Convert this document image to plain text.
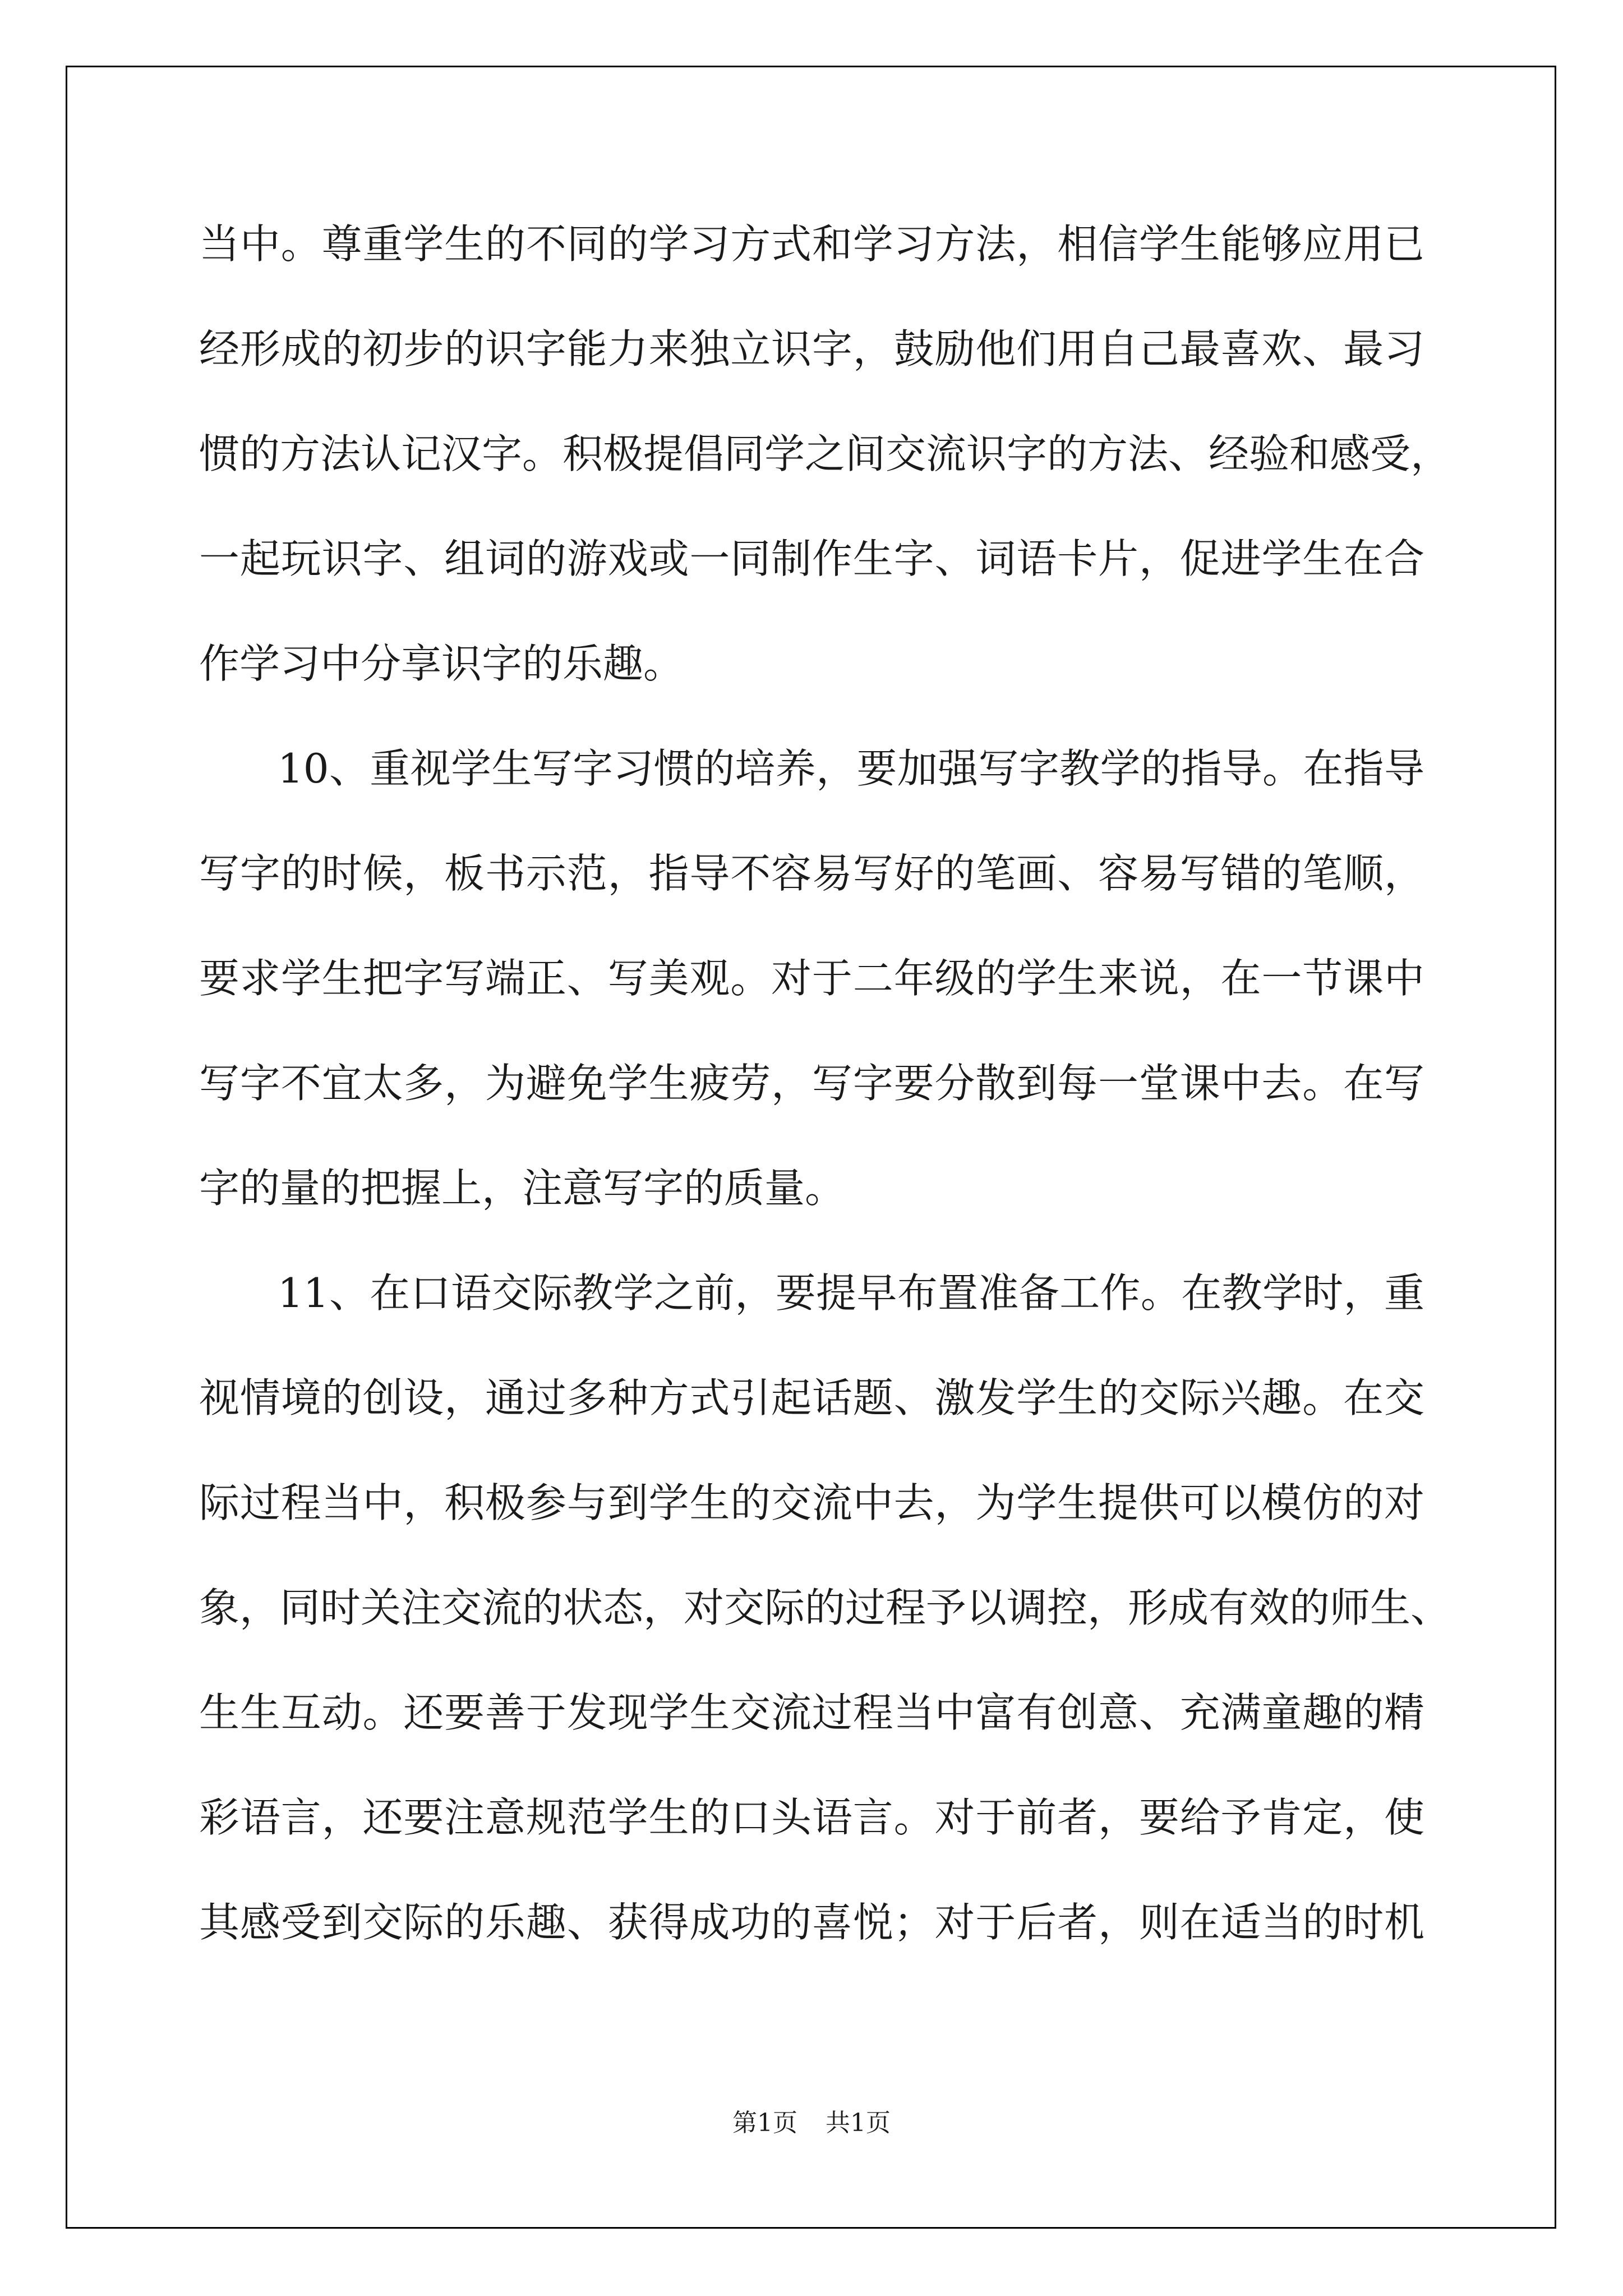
当中。尊重学生的不同的学习方式和学习方法，相信学生能够应用已
经形成的初步的识字能力来独立识字，鼓励他们用自己最喜欢、最习
惯的方法认记汉字。积极提倡同学之间交流识字的方法、经验和感受，
一起玩识字、组词的游戏或一同制作生字、词语卡片，促进学生在合
作学习中分享识字的乐趣。
10、重视学生写字习惯的培养，要加强写字教学的指导。在指导
写字的时候，板书示范，指导不容易写好的笔画、容易写错的笔顺，
要求学生把字写端正、写美观。对于二年级的学生来说，在一节课中
写字不宜太多，为避免学生疲劳，写字要分散到每一堂课中去。在写
字的量的把握上，注意写字的质量。
11、在口语交际教学之前，要提早布置准备工作。在教学时，重
视情境的创设，通过多种方式引起话题、激发学生的交际兴趣。在交
际过程当中，积极参与到学生的交流中去，为学生提供可以模仿的对
象，同时关注交流的状态，对交际的过程予以调控，形成有效的师生、
生生互动。还要善于发现学生交流过程当中富有创意、充满童趣的精
彩语言，还要注意规范学生的口头语言。对于前者，要给予肯定，使
其感受到交际的乐趣、获得成功的喜悦；对于后者，则在适当的时机
第1页 共1页
